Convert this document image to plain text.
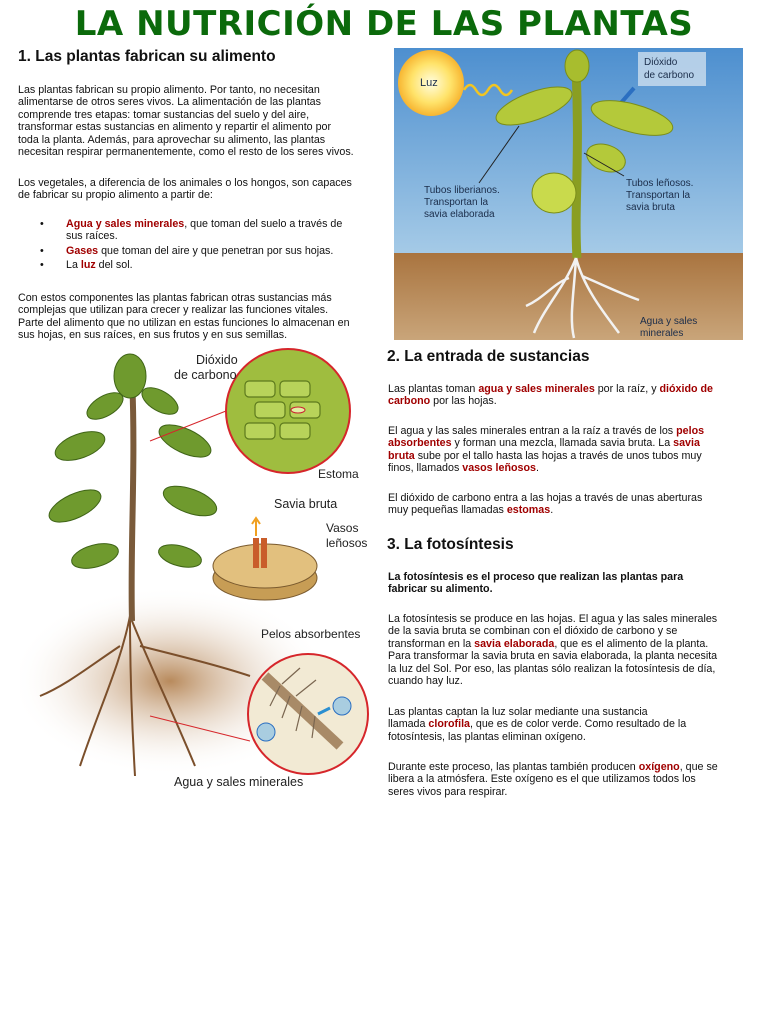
LA NUTRICIÓN DE LAS PLANTAS
1. Las plantas fabrican su alimento
Las plantas fabrican su propio alimento. Por tanto, no necesitan
alimentarse de otros seres vivos. La alimentación de las plantas
comprende tres etapas: tomar sustancias del suelo y del aire,
transformar estas sustancias en alimento y repartir el alimento por
toda la planta. Además, para aprovechar su alimento, las plantas
necesitan respirar permanentemente, como el resto de los seres vivos.
Los vegetales, a diferencia de los animales o los hongos, son capaces
de fabricar su propio alimento a partir de:
• Agua y sales minerales, que toman del suelo a través de
sus raíces.
• Gases que toman del aire y que penetran por sus hojas.
• La luz del sol.
Con estos componentes las plantas fabrican otras sustancias más
complejas que utilizan para crecer y realizar las funciones vitales.
Parte del alimento que no utilizan en estas funciones lo almacenan en
sus hojas, en sus raíces, en sus frutos y en sus semillas.
Luz
Dióxido
de carbono
Tubos liberianos.
Transportan la
savia elaborada
Tubos leñosos.
Transportan la
savia bruta
Agua y sales
minerales
Dióxido
de carbono
Estoma
Savia bruta
Vasos
leñosos
Pelos absorbentes
Agua y sales minerales
2. La entrada de sustancias
Las plantas toman agua y sales minerales por la raíz, y dióxido de
carbono por las hojas.
El agua y las sales minerales entran a la raíz a través de los pelos
absorbentes y forman una mezcla, llamada savia bruta. La savia
bruta sube por el tallo hasta las hojas a través de unos tubos muy
finos, llamados vasos leñosos.
El dióxido de carbono entra a las hojas a través de unas aberturas
muy pequeñas llamadas estomas.
3. La fotosíntesis
La fotosíntesis es el proceso que realizan las plantas para
fabricar su alimento.
La fotosíntesis se produce en las hojas. El agua y las sales minerales
de la savia bruta se combinan con el dióxido de carbono y se
transforman en la savia elaborada, que es el alimento de la planta.
Para transformar la savia bruta en savia elaborada, la planta necesita
la luz del Sol. Por eso, las plantas sólo realizan la fotosíntesis de día,
cuando hay luz.
Las plantas captan la luz solar mediante una sustancia
llamada clorofila, que es de color verde. Como resultado de la
fotosíntesis, las plantas eliminan oxígeno.
Durante este proceso, las plantas también producen oxígeno, que se
libera a la atmósfera. Este oxígeno es el que utilizamos todos los
seres vivos para respirar.
